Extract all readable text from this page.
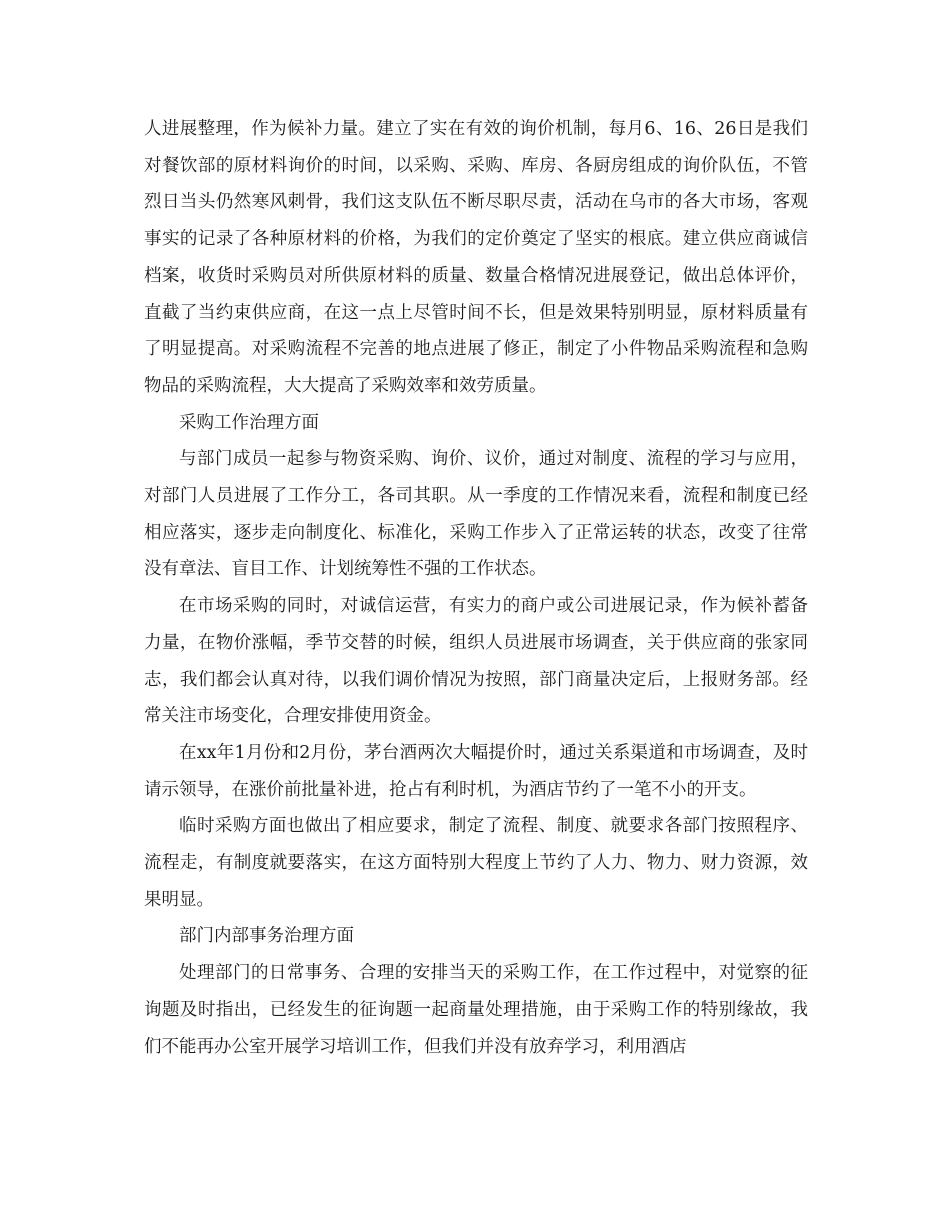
人进展整理，作为候补力量。建立了实在有效的询价机制，每月6、16、26日是我们对餐饮部的原材料询价的时间，以采购、采购、库房、各厨房组成的询价队伍，不管烈日当头仍然寒风刺骨，我们这支队伍不断尽职尽责，活动在乌市的各大市场，客观事实的记录了各种原材料的价格，为我们的定价奠定了坚实的根底。建立供应商诚信档案，收货时采购员对所供原材料的质量、数量合格情况进展登记，做出总体评价，直截了当约束供应商，在这一点上尽管时间不长，但是效果特别明显，原材料质量有了明显提高。对采购流程不完善的地点进展了修正，制定了小件物品采购流程和急购物品的采购流程，大大提高了采购效率和效劳质量。

采购工作治理方面

与部门成员一起参与物资采购、询价、议价，通过对制度、流程的学习与应用，对部门人员进展了工作分工，各司其职。从一季度的工作情况来看，流程和制度已经相应落实，逐步走向制度化、标准化，采购工作步入了正常运转的状态，改变了往常没有章法、盲目工作、计划统筹性不强的工作状态。

在市场采购的同时，对诚信运营，有实力的商户或公司进展记录，作为候补蓄备力量，在物价涨幅，季节交替的时候，组织人员进展市场调查，关于供应商的张家同志，我们都会认真对待，以我们调价情况为按照，部门商量决定后，上报财务部。经常关注市场变化，合理安排使用资金。

在xx年1月份和2月份，茅台酒两次大幅提价时，通过关系渠道和市场调查，及时请示领导，在涨价前批量补进，抢占有利时机，为酒店节约了一笔不小的开支。

临时采购方面也做出了相应要求，制定了流程、制度、就要求各部门按照程序、流程走，有制度就要落实，在这方面特别大程度上节约了人力、物力、财力资源，效果明显。

部门内部事务治理方面

处理部门的日常事务、合理的安排当天的采购工作，在工作过程中，对觉察的征询题及时指出，已经发生的征询题一起商量处理措施，由于采购工作的特别缘故，我们不能再办公室开展学习培训工作，但我们并没有放弃学习，利用酒店
